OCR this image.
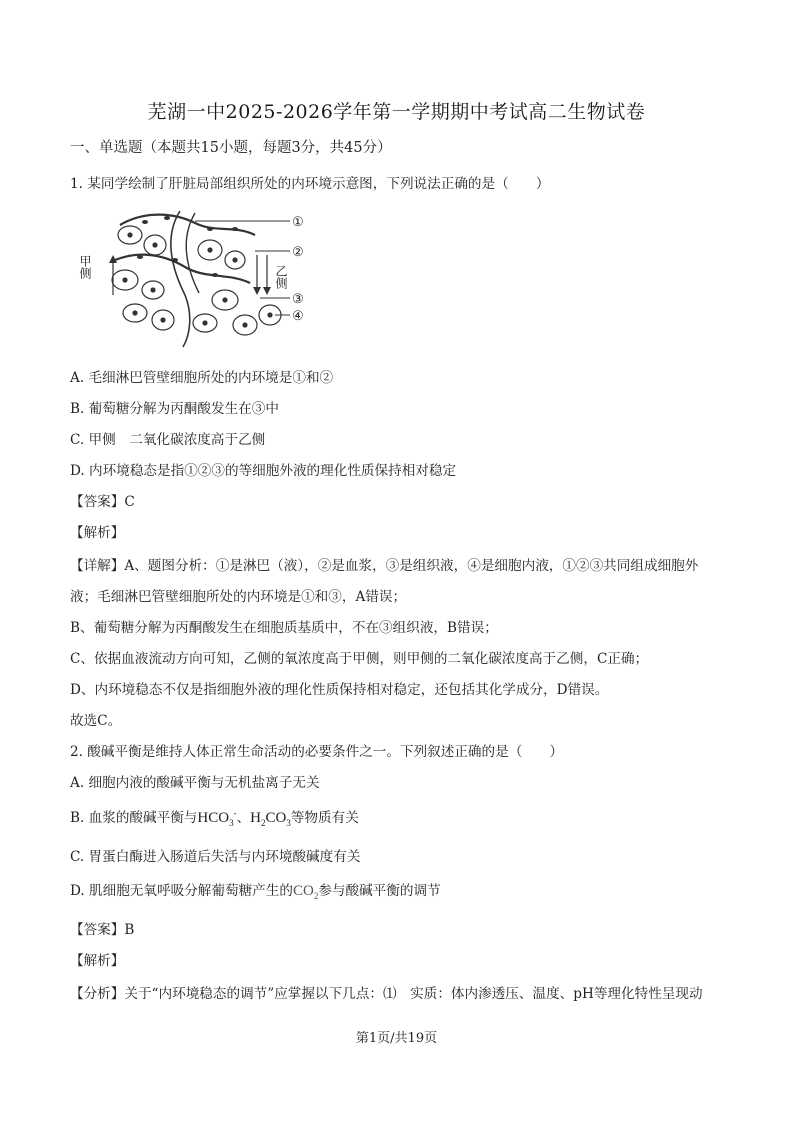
芜湖一中2025-2026学年第一学期期中考试高二生物试卷
一、单选题（本题共15小题，每题3分，共45分）
1. 某同学绘制了肝脏局部组织所处的内环境示意图，下列说法正确的是（　　）
①
②
③
④
甲侧	乙侧
A. 毛细淋巴管壁细胞所处的内环境是①和②
B. 葡萄糖分解为丙酮酸发生在③中
C. 甲侧　二氧化碳浓度高于乙侧
D. 内环境稳态是指①②③的等细胞外液的理化性质保持相对稳定
【答案】C
【解析】
【详解】A、题图分析：①是淋巴（液），②是血浆，③是组织液，④是细胞内液，①②③共同组成细胞外
液；毛细淋巴管壁细胞所处的内环境是①和③，A错误；
B、葡萄糖分解为丙酮酸发生在细胞质基质中，不在③组织液，B错误；
C、依据血液流动方向可知，乙侧的氧浓度高于甲侧，则甲侧的二氧化碳浓度高于乙侧，C正确；
D、内环境稳态不仅是指细胞外液的理化性质保持相对稳定，还包括其化学成分，D错误。
故选C。
2. 酸碱平衡是维持人体正常生命活动的必要条件之一。下列叙述正确的是（　　）
A. 细胞内液的酸碱平衡与无机盐离子无关
B. 血浆的酸碱平衡与$HCO_3^-$、$H_2CO_3$等物质有关
C. 胃蛋白酶进入肠道后失活与内环境酸碱度有关
D. 肌细胞无氧呼吸分解葡萄糖产生的$CO_2$参与酸碱平衡的调节
【答案】B
【解析】
【分析】关于“内环境稳态的调节”应掌握以下几点：⑴　实质：体内渗透压、温度、pH等理化特性呈现动
第1页/共19页
